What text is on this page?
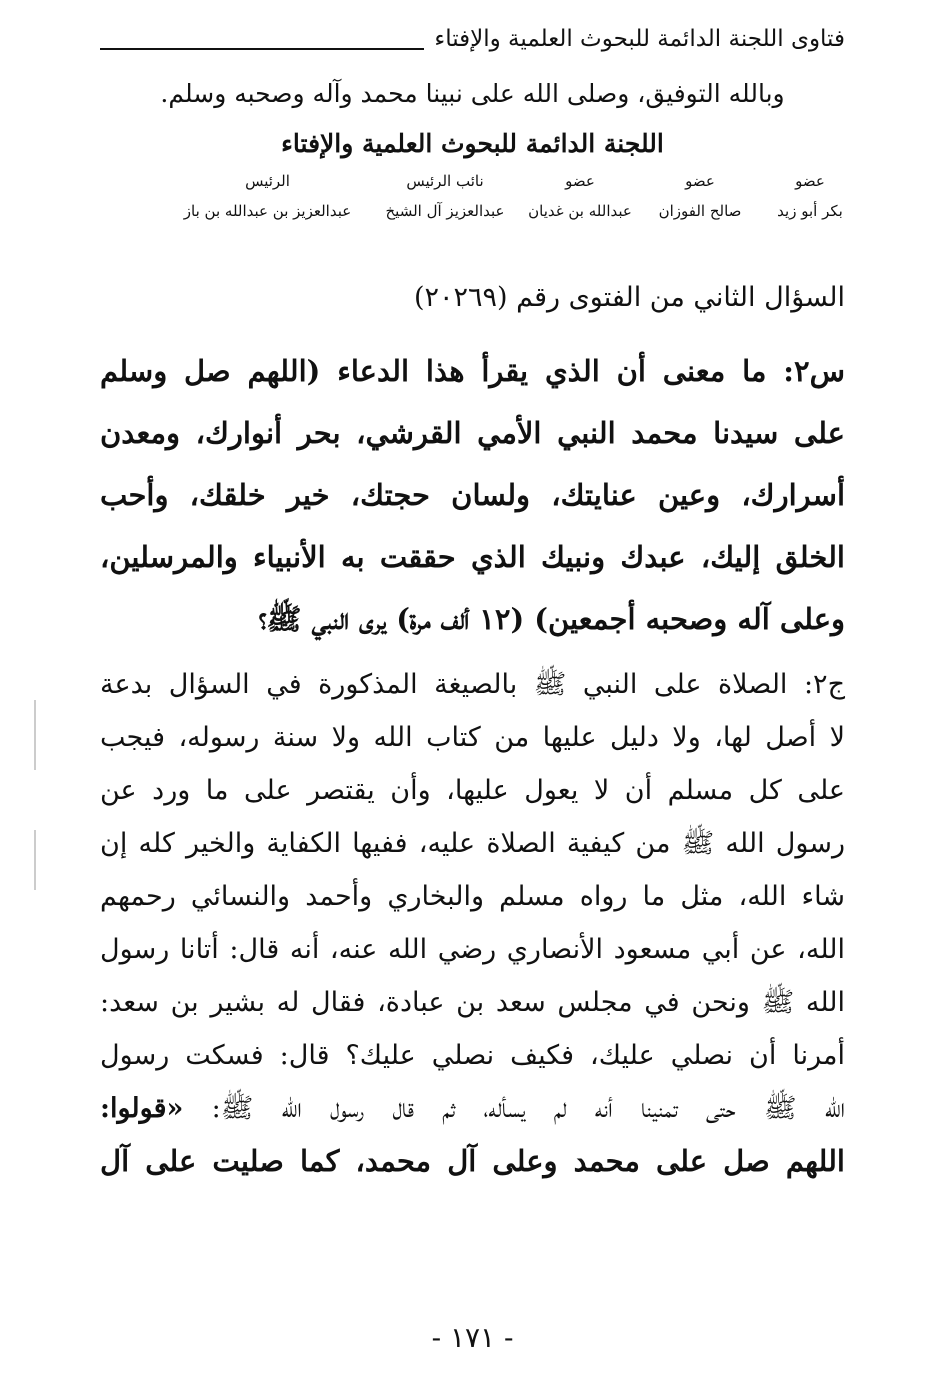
فتاوى اللجنة الدائمة للبحوث العلمية والإفتاء
وبالله التوفيق، وصلى الله على نبينا محمد وآله وصحبه وسلم.
اللجنة الدائمة للبحوث العلمية والإفتاء
عضو
بكر أبو زيد
عضو
صالح الفوزان
عضو
عبدالله بن غديان
نائب الرئيس
عبدالعزيز آل الشيخ
الرئيس
عبدالعزيز بن عبدالله بن باز
السؤال الثاني من الفتوى رقم (٢٠٢٦٩)
س٢: ما معنى أن الذي يقرأ هذا الدعاء (اللهم صل وسلم
على سيدنا محمد النبي الأمي القرشي، بحر أنوارك، ومعدن
أسرارك، وعين عنايتك، ولسان حجتك، خير خلقك، وأحب
الخلق إليك، عبدك ونبيك الذي حققت به الأنبياء والمرسلين،
وعلى آله وصحبه أجمعين) (١٢ ألف مرة) يرى النبي ﷺ؟
ج٢: الصلاة على النبي ﷺ بالصيغة المذكورة في السؤال بدعة
لا أصل لها، ولا دليل عليها من كتاب الله ولا سنة رسوله، فيجب
على كل مسلم أن لا يعول عليها، وأن يقتصر على ما ورد عن
رسول الله ﷺ من كيفية الصلاة عليه، ففيها الكفاية والخير كله إن
شاء الله، مثل ما رواه مسلم والبخاري وأحمد والنسائي رحمهم
الله، عن أبي مسعود الأنصاري رضي الله عنه، أنه قال: أتانا رسول
الله ﷺ ونحن في مجلس سعد بن عبادة، فقال له بشير بن سعد:
أمرنا أن نصلي عليك، فكيف نصلي عليك؟ قال: فسكت رسول
الله ﷺ حتى تمنينا أنه لم يسأله، ثم قال رسول الله ﷺ: «قولوا:
اللهم صل على محمد وعلى آل محمد، كما صليت على آل
- ١٧١ -
